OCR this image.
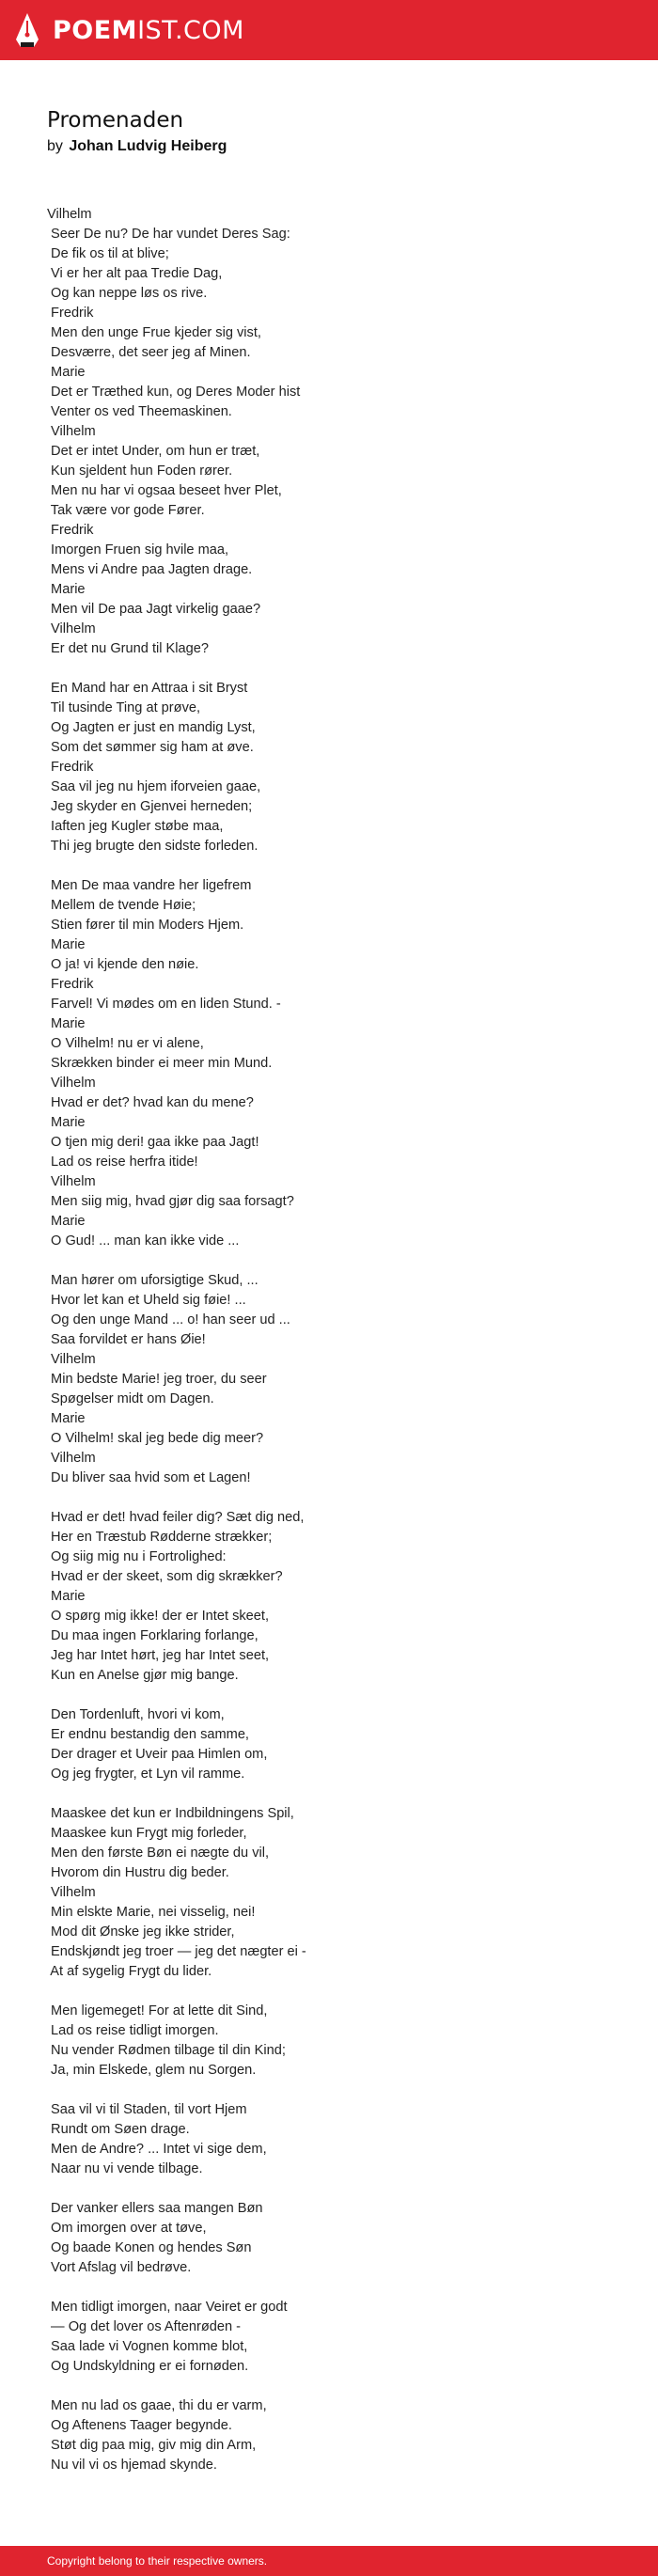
POEMIST.COM
Promenaden
by Johan Ludvig Heiberg
Vilhelm
Seer De nu? De har vundet Deres Sag:
De fik os til at blive;
Vi er her alt paa Tredie Dag,
Og kan neppe løs os rive.
Fredrik
Men den unge Frue kjeder sig vist,
Desværre, det seer jeg af Minen.
Marie
Det er Træthed kun, og Deres Moder hist
Venter os ved Theemaskinen.
Vilhelm
Det er intet Under, om hun er træt,
Kun sjeldent hun Foden rører.
Men nu har vi ogsaa beseet hver Plet,
Tak være vor gode Fører.
Fredrik
Imorgen Fruen sig hvile maa,
Mens vi Andre paa Jagten drage.
Marie
Men vil De paa Jagt virkelig gaae?
Vilhelm
Er det nu Grund til Klage?
En Mand har en Attraa i sit Bryst
Til tusinde Ting at prøve,
Og Jagten er just en mandig Lyst,
Som det sømmer sig ham at øve.
Fredrik
Saa vil jeg nu hjem iforveien gaae,
Jeg skyder en Gjenvei herneden;
Iaften jeg Kugler støbe maa,
Thi jeg brugte den sidste forleden.
Men De maa vandre her ligefrem
Mellem de tvende Høie;
Stien fører til min Moders Hjem.
Marie
O ja! vi kjende den nøie.
Fredrik
Farvel! Vi mødes om en liden Stund. -
Marie
O Vilhelm! nu er vi alene,
Skrækken binder ei meer min Mund.
Vilhelm
Hvad er det? hvad kan du mene?
Marie
O tjen mig deri! gaa ikke paa Jagt!
Lad os reise herfra itide!
Vilhelm
Men siig mig, hvad gjør dig saa forsagt?
Marie
O Gud! ... man kan ikke vide ...
Man hører om uforsigtige Skud, ...
Hvor let kan et Uheld sig føie! ...
Og den unge Mand ... o! han seer ud ...
Saa forvildet er hans Øie!
Vilhelm
Min bedste Marie! jeg troer, du seer
Spøgelser midt om Dagen.
Marie
O Vilhelm! skal jeg bede dig meer?
Vilhelm
Du bliver saa hvid som et Lagen!
Hvad er det! hvad feiler dig? Sæt dig ned,
Her en Træstub Rødderne strækker;
Og siig mig nu i Fortrolighed:
Hvad er der skeet, som dig skrækker?
Marie
O spørg mig ikke! der er Intet skeet,
Du maa ingen Forklaring forlange,
Jeg har Intet hørt, jeg har Intet seet,
Kun en Anelse gjør mig bange.
Den Tordenluft, hvori vi kom,
Er endnu bestandig den samme,
Der drager et Uveir paa Himlen om,
Og jeg frygter, et Lyn vil ramme.
Maaskee det kun er Indbildningens Spil,
Maaskee kun Frygt mig forleder,
Men den første Bøn ei nægte du vil,
Hvorom din Hustru dig beder.
Vilhelm
Min elskte Marie, nei visselig, nei!
Mod dit Ønske jeg ikke strider,
Endskjøndt jeg troer — jeg det nægter ei -
At af sygelig Frygt du lider.
Men ligemeget! For at lette dit Sind,
Lad os reise tidligt imorgen.
Nu vender Rødmen tilbage til din Kind;
Ja, min Elskede, glem nu Sorgen.
Saa vil vi til Staden, til vort Hjem
Rundt om Søen drage.
Men de Andre? ... Intet vi sige dem,
Naar nu vi vende tilbage.
Der vanker ellers saa mangen Bøn
Om imorgen over at tøve,
Og baade Konen og hendes Søn
Vort Afslag vil bedrøve.
Men tidligt imorgen, naar Veiret er godt
— Og det lover os Aftenrøden -
Saa lade vi Vognen komme blot,
Og Undskyldning er ei fornøden.
Men nu lad os gaae, thi du er varm,
Og Aftenens Taager begynde.
Støt dig paa mig, giv mig din Arm,
Nu vil vi os hjemad skynde.
Copyright belong to their respective owners.
